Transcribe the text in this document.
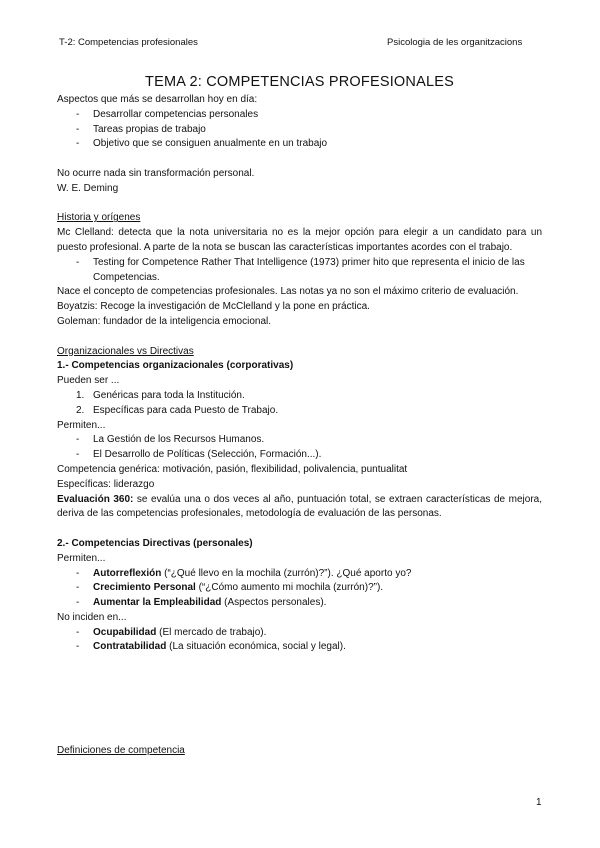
T-2: Competencias profesionales	Psicologia de les organitzacions
TEMA 2: COMPETENCIAS PROFESIONALES

Aspectos que más se desarrollan hoy en día:

- Desarrollar competencias personales
- Tareas propias de trabajo
- Objetivo que se consiguen anualmente en un trabajo

No ocurre nada sin transformación personal.

W. E. Deming

Historia y orígenes

Mc Clelland: detecta que la nota universitaria no es la mejor opción para elegir a un candidato para un puesto profesional. A parte de la nota se buscan las características importantes acordes con el trabajo.

- Testing for Competence Rather That Intelligence (1973) primer hito que representa el inicio de las Competencias.

Nace el concepto de competencias profesionales. Las notas ya no son el máximo criterio de evaluación.

Boyatzis: Recoge la investigación de McClelland y la pone en práctica.

Goleman: fundador de la inteligencia emocional.

Organizacionales vs Directivas

1.- Competencias organizacionales (corporativas)

Pueden ser ...

1. Genéricas para toda la Institución.
2. Específicas para cada Puesto de Trabajo.

Permiten...

- La Gestión de los Recursos Humanos.
- El Desarrollo de Políticas (Selección, Formación...).

Competencia genérica: motivación, pasión, flexibilidad, polivalencia, puntualitat

Específicas: liderazgo

Evaluación 360: se evalúa una o dos veces al año, puntuación total, se extraen características de mejora, deriva de las competencias profesionales, metodología de evaluación de las personas.

2.- Competencias Directivas (personales)

Permiten...

- Autorreflexión (“¿Qué llevo en la mochila (zurrón)?”). ¿Qué aporto yo?
- Crecimiento Personal (“¿Cómo aumento mi mochila (zurrón)?”).
- Aumentar la Empleabilidad (Aspectos personales).

No inciden en...

- Ocupabilidad (El mercado de trabajo).
- Contratabilidad (La situación económica, social y legal).

Definiciones de competencia

1
